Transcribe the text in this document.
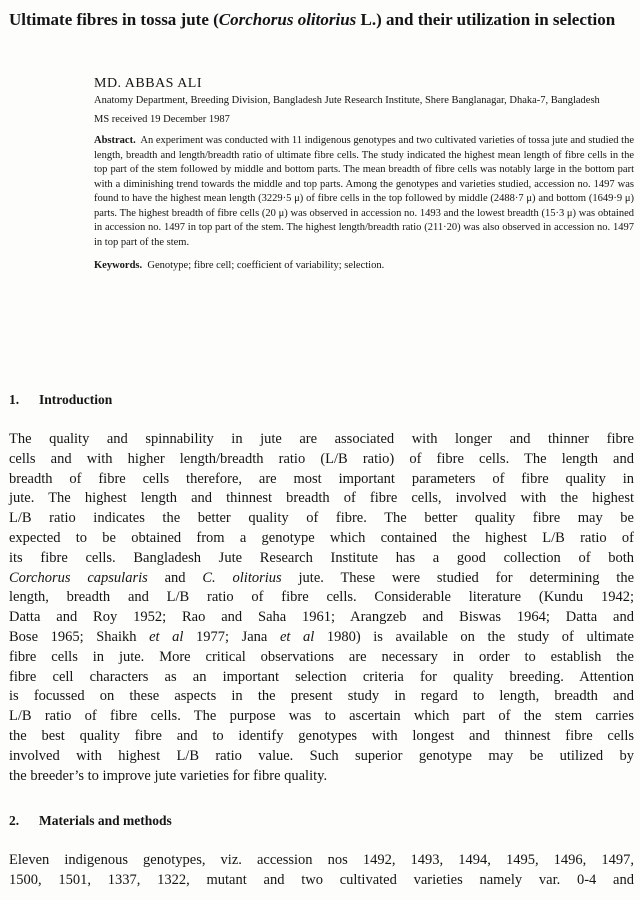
Ultimate fibres in tossa jute (Corchorus olitorius L.) and their utilization in selection

MD. ABBAS ALI

Anatomy Department, Breeding Division, Bangladesh Jute Research Institute, Shere Banglanagar, Dhaka-7, Bangladesh

MS received 19 December 1987

Abstract. An experiment was conducted with 11 indigenous genotypes and two cultivated varieties of tossa jute and studied the length, breadth and length/breadth ratio of ultimate fibre cells. The study indicated the highest mean length of fibre cells in the top part of the stem followed by middle and bottom parts. The mean breadth of fibre cells was notably large in the bottom part with a diminishing trend towards the middle and top parts. Among the genotypes and varieties studied, accession no. 1497 was found to have the highest mean length (3229·5 μ) of fibre cells in the top followed by middle (2488·7 μ) and bottom (1649·9 μ) parts. The highest breadth of fibre cells (20 μ) was observed in accession no. 1493 and the lowest breadth (15·3 μ) was obtained in accession no. 1497 in top part of the stem. The highest length/breadth ratio (211·20) was also observed in accession no. 1497 in top part of the stem.

Keywords. Genotype; fibre cell; coefficient of variability; selection.

1. Introduction
The quality and spinnability in jute are associated with longer and thinner fibre
cells and with higher length/breadth ratio (L/B ratio) of fibre cells. The length and
breadth of fibre cells therefore, are most important parameters of fibre quality in
jute. The highest length and thinnest breadth of fibre cells, involved with the highest
L/B ratio indicates the better quality of fibre. The better quality fibre may be
expected to be obtained from a genotype which contained the highest L/B ratio of
its fibre cells. Bangladesh Jute Research Institute has a good collection of both
Corchorus capsularis and C. olitorius jute. These were studied for determining the
length, breadth and L/B ratio of fibre cells. Considerable literature (Kundu 1942;
Datta and Roy 1952; Rao and Saha 1961; Arangzeb and Biswas 1964; Datta and
Bose 1965; Shaikh et al 1977; Jana et al 1980) is available on the study of ultimate
fibre cells in jute. More critical observations are necessary in order to establish the
fibre cell characters as an important selection criteria for quality breeding. Attention
is focussed on these aspects in the present study in regard to length, breadth and
L/B ratio of fibre cells. The purpose was to ascertain which part of the stem carries
the best quality fibre and to identify genotypes with longest and thinnest fibre cells
involved with highest L/B ratio value. Such superior genotype may be utilized by
the breeder’s to improve jute varieties for fibre quality.
2. Materials and methods
Eleven indigenous genotypes, viz. accession nos 1492, 1493, 1494, 1495, 1496, 1497,
1500, 1501, 1337, 1322, mutant and two cultivated varieties namely var. 0-4 and
